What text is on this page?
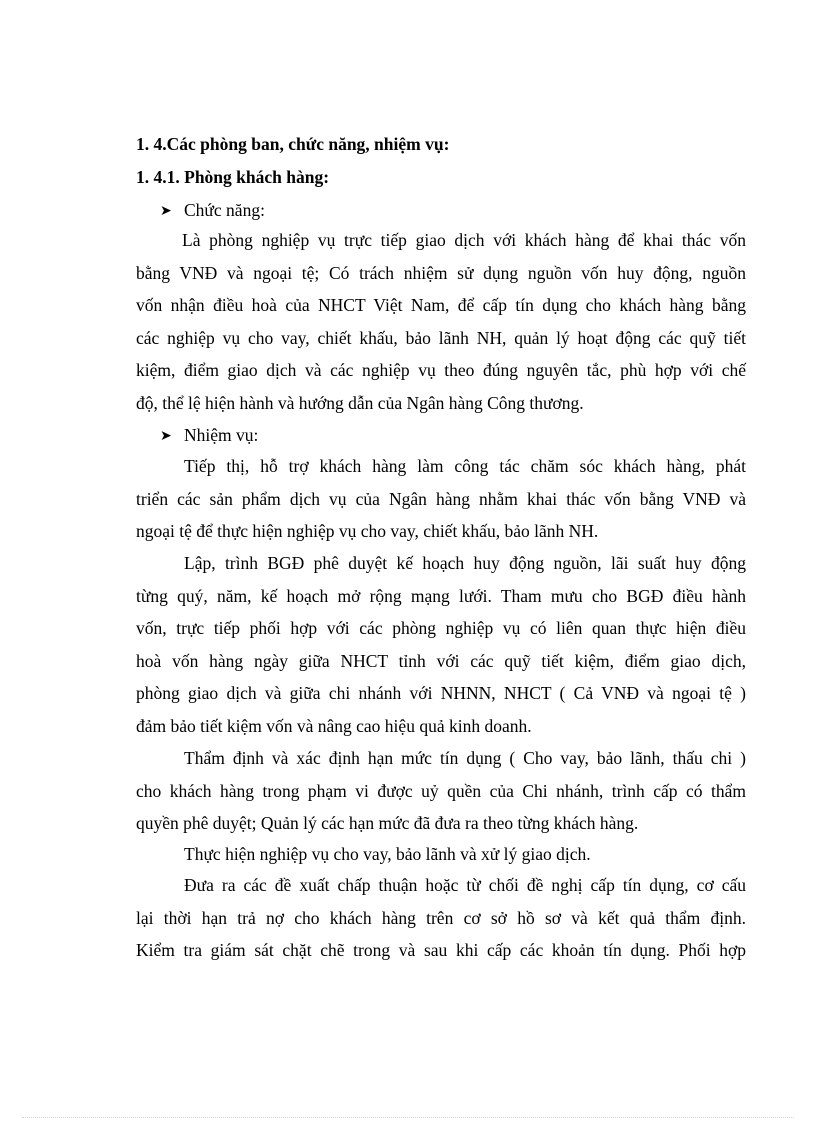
1. 4.Các phòng ban, chức năng, nhiệm vụ:
1. 4.1. Phòng khách hàng:
➤ Chức năng:
Là phòng nghiệp vụ trực tiếp giao dịch với khách hàng để khai thác vốn
bằng VNĐ và ngoại tệ; Có trách nhiệm sử dụng nguồn vốn huy động, nguồn
vốn nhận điều hoà của NHCT Việt Nam, để cấp tín dụng cho khách hàng bằng
các nghiệp vụ cho vay, chiết khấu, bảo lãnh NH, quản lý hoạt động các quỹ tiết
kiệm, điểm giao dịch và các nghiệp vụ theo đúng nguyên tắc, phù hợp với chế
độ, thể lệ hiện hành và hướng dẫn của Ngân hàng Công thương.
➤ Nhiệm vụ:
Tiếp thị, hỗ trợ khách hàng làm công tác chăm sóc khách hàng, phát
triển các sản phẩm dịch vụ của Ngân hàng nhằm khai thác vốn bằng VNĐ và
ngoại tệ để thực hiện nghiệp vụ cho vay, chiết khấu, bảo lãnh NH.
Lập, trình BGĐ phê duyệt kế hoạch huy động nguồn, lãi suất huy động
từng quý, năm, kế hoạch mở rộng mạng lưới. Tham mưu cho BGĐ điều hành
vốn, trực tiếp phối hợp với các phòng nghiệp vụ có liên quan thực hiện điều
hoà vốn hàng ngày giữa NHCT tỉnh với các quỹ tiết kiệm, điểm giao dịch,
phòng giao dịch và giữa chi nhánh với NHNN, NHCT ( Cả VNĐ và ngoại tệ )
đảm bảo tiết kiệm vốn và nâng cao hiệu quả kinh doanh.
Thẩm định và xác định hạn mức tín dụng ( Cho vay, bảo lãnh, thấu chi )
cho khách hàng trong phạm vi được uỷ quền của Chi nhánh, trình cấp có thẩm
quyền phê duyệt; Quản lý các hạn mức đã đưa ra theo từng khách hàng.
Thực hiện nghiệp vụ cho vay, bảo lãnh và xử lý giao dịch.
Đưa ra các đề xuất chấp thuận hoặc từ chối đề nghị cấp tín dụng, cơ cấu
lại thời hạn trả nợ cho khách hàng trên cơ sở hồ sơ và kết quả thẩm định.
Kiểm tra giám sát chặt chẽ trong và sau khi cấp các khoản tín dụng. Phối hợp
